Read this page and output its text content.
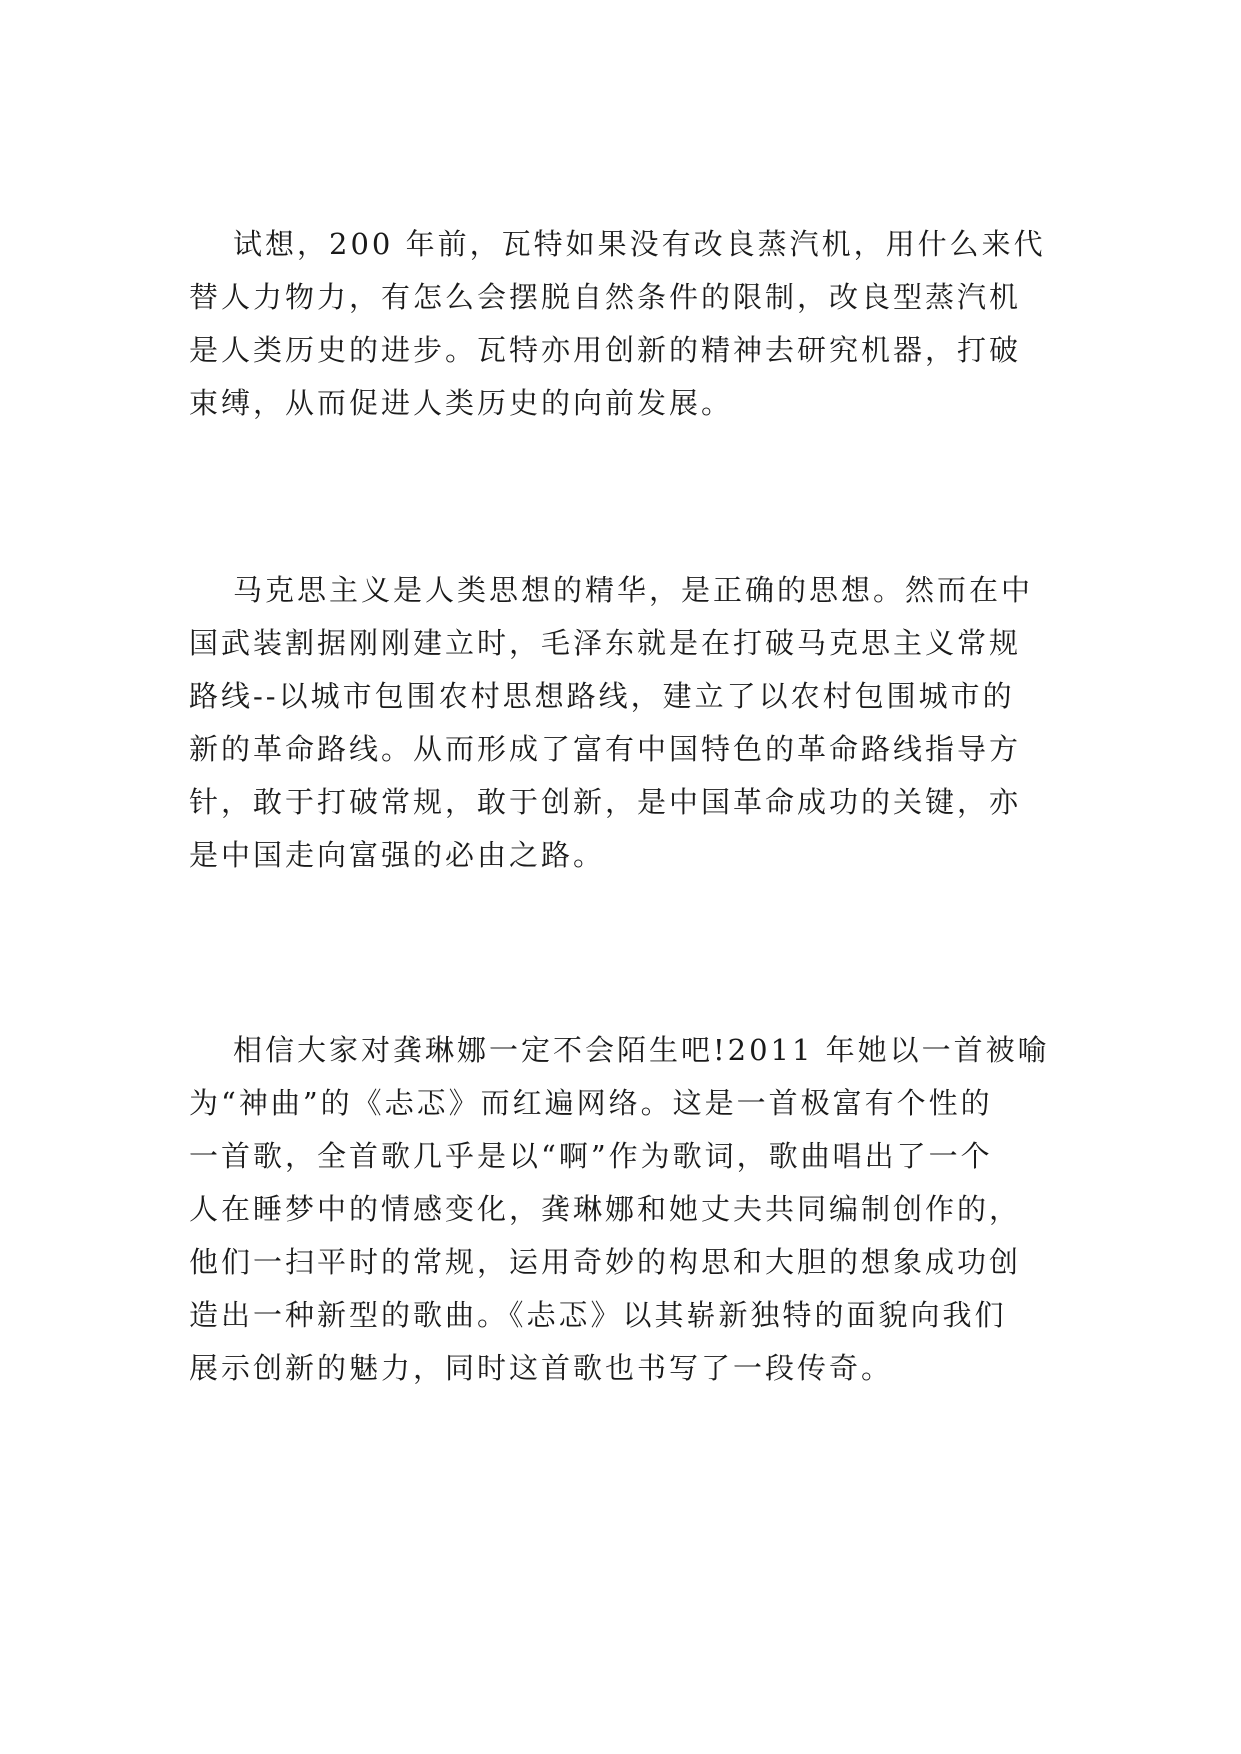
试想，200 年前，瓦特如果没有改良蒸汽机，用什么来代
替人力物力，有怎么会摆脱自然条件的限制，改良型蒸汽机
是人类历史的进步。瓦特亦用创新的精神去研究机器，打破
束缚，从而促进人类历史的向前发展。

马克思主义是人类思想的精华，是正确的思想。然而在中
国武装割据刚刚建立时，毛泽东就是在打破马克思主义常规
路线--以城市包围农村思想路线，建立了以农村包围城市的
新的革命路线。从而形成了富有中国特色的革命路线指导方
针，敢于打破常规，敢于创新，是中国革命成功的关键，亦
是中国走向富强的必由之路。

相信大家对龚琳娜一定不会陌生吧!2011 年她以一首被喻
为“神曲”的《忐忑》而红遍网络。这是一首极富有个性的
一首歌，全首歌几乎是以“啊”作为歌词，歌曲唱出了一个
人在睡梦中的情感变化，龚琳娜和她丈夫共同编制创作的，
他们一扫平时的常规，运用奇妙的构思和大胆的想象成功创
造出一种新型的歌曲。《忐忑》以其崭新独特的面貌向我们
展示创新的魅力，同时这首歌也书写了一段传奇。
